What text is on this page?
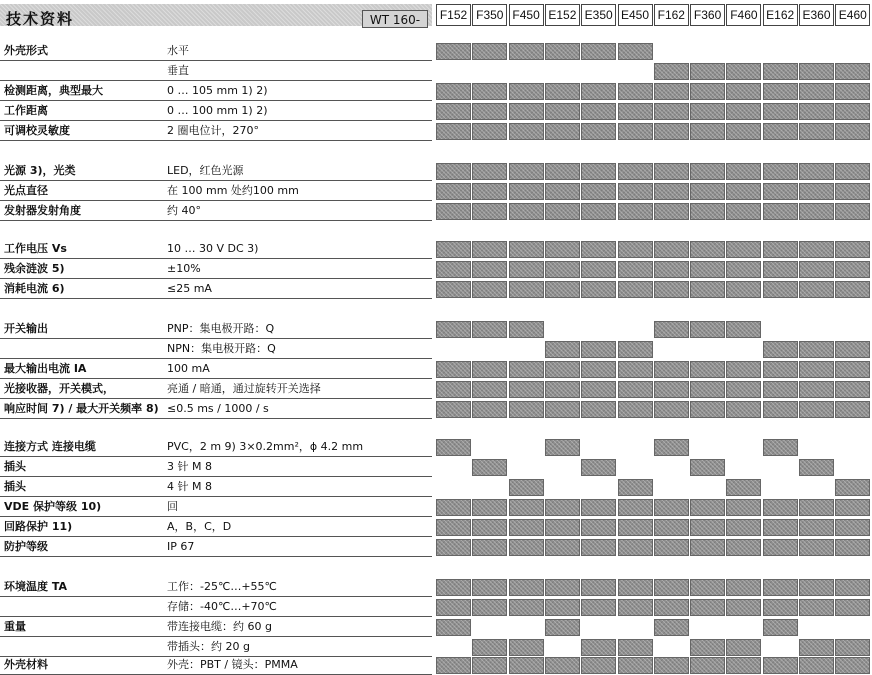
技术资料	WT 160-	F152 F350 F450 E152 E350 E450 F162 F360 F460 E162 E360 E460
外壳形式	水平
垂直
检测距离，典型最大	0 … 105 mm 1) 2)
工作距离	0 … 100 mm 1) 2)
可调校灵敏度	2 圈电位计，270°
光源 3)，光类	LED，红色光源
光点直径	在 100 mm 处约100 mm
发射器发射角度	约 40°
工作电压 Vs	10 … 30 V DC 3)
残余涟波 5)	±10%
消耗电流 6)	≤25 mA
开关输出	PNP：集电极开路：Q
NPN：集电极开路：Q
最大输出电流 IA	100 mA
光接收器，开关模式，	亮通 / 暗通，通过旋转开关选择
响应时间 7) / 最大开关频率 8) ≤0.5 ms / 1000 / s
连接方式 连接电缆	PVC，2 m 9) 3×0.2mm²，ϕ 4.2 mm
插头	3 针 M 8
插头	4 针 M 8
VDE 保护等级 10)	回
回路保护 11)	A，B，C，D
防护等级	IP 67
环境温度 TA	工作：-25℃…+55℃
存储：-40℃…+70℃
重量	带连接电缆：约 60 g
带插头：约 20 g
外壳材料	外壳：PBT / 镜头：PMMA
